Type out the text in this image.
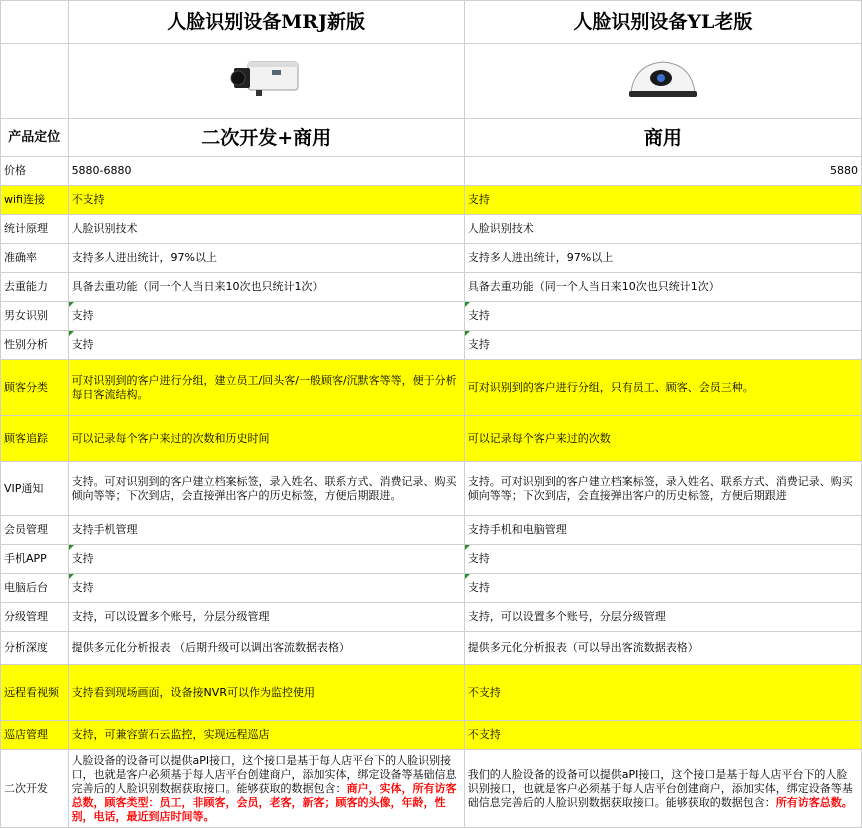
	人脸识别设备MRJ新版	人脸识别设备YL老版

产品定位	二次开发+商用	商用
价格	5880-6880	5880
wifi连接	不支持	支持
统计原理	人脸识别技术	人脸识别技术
准确率	支持多人进出统计，97%以上	支持多人进出统计，97%以上
去重能力	具备去重功能（同一个人当日来10次也只统计1次）	具备去重功能（同一个人当日来10次也只统计1次）
男女识别	支持	支持
性别分析	支持	支持
顾客分类	可对识别到的客户进行分组，建立员工/回头客/一般顾客/沉默客等等，便于分析每日客流结构。	可对识别到的客户进行分组，只有员工、顾客、会员三种。
顾客追踪	可以记录每个客户来过的次数和历史时间	可以记录每个客户来过的次数
VIP通知	支持。可对识别到的客户建立档案标签，录入姓名、联系方式、消费记录、购买倾向等等；下次到店，会直接弹出客户的历史标签，方便后期跟进。	支持。可对识别到的客户建立档案标签，录入姓名、联系方式、消费记录、购买倾向等等；下次到店，会直接弹出客户的历史标签，方便后期跟进
会员管理	支持手机管理	支持手机和电脑管理
手机APP	支持	支持
电脑后台	支持	支持
分级管理	支持，可以设置多个账号，分层分级管理	支持，可以设置多个账号，分层分级管理
分析深度	提供多元化分析报表 （后期升级可以调出客流数据表格）	提供多元化分析报表（可以导出客流数据表格）
远程看视频	支持看到现场画面，设备接NVR可以作为监控使用	不支持
巡店管理	支持，可兼容萤石云监控，实现远程巡店	不支持
二次开发	人脸设备的设备可以提供aPI接口，这个接口是基于每人店平台下的人脸识别接口，也就是客户必须基于每人店平台创建商户，添加实体，绑定设备等基础信息完善后的人脸识别数据获取接口。能够获取的数据包含：商户，实体，所有访客总数，顾客类型：员工，非顾客，会员，老客，新客；顾客的头像，年龄，性别，电话，最近到店时间等。	我们的人脸设备的设备可以提供aPI接口，这个接口是基于每人店平台下的人脸识别接口，也就是客户必须基于每人店平台创建商户，添加实体，绑定设备等基础信息完善后的人脸识别数据获取接口。能够获取的数据包含：所有访客总数。
